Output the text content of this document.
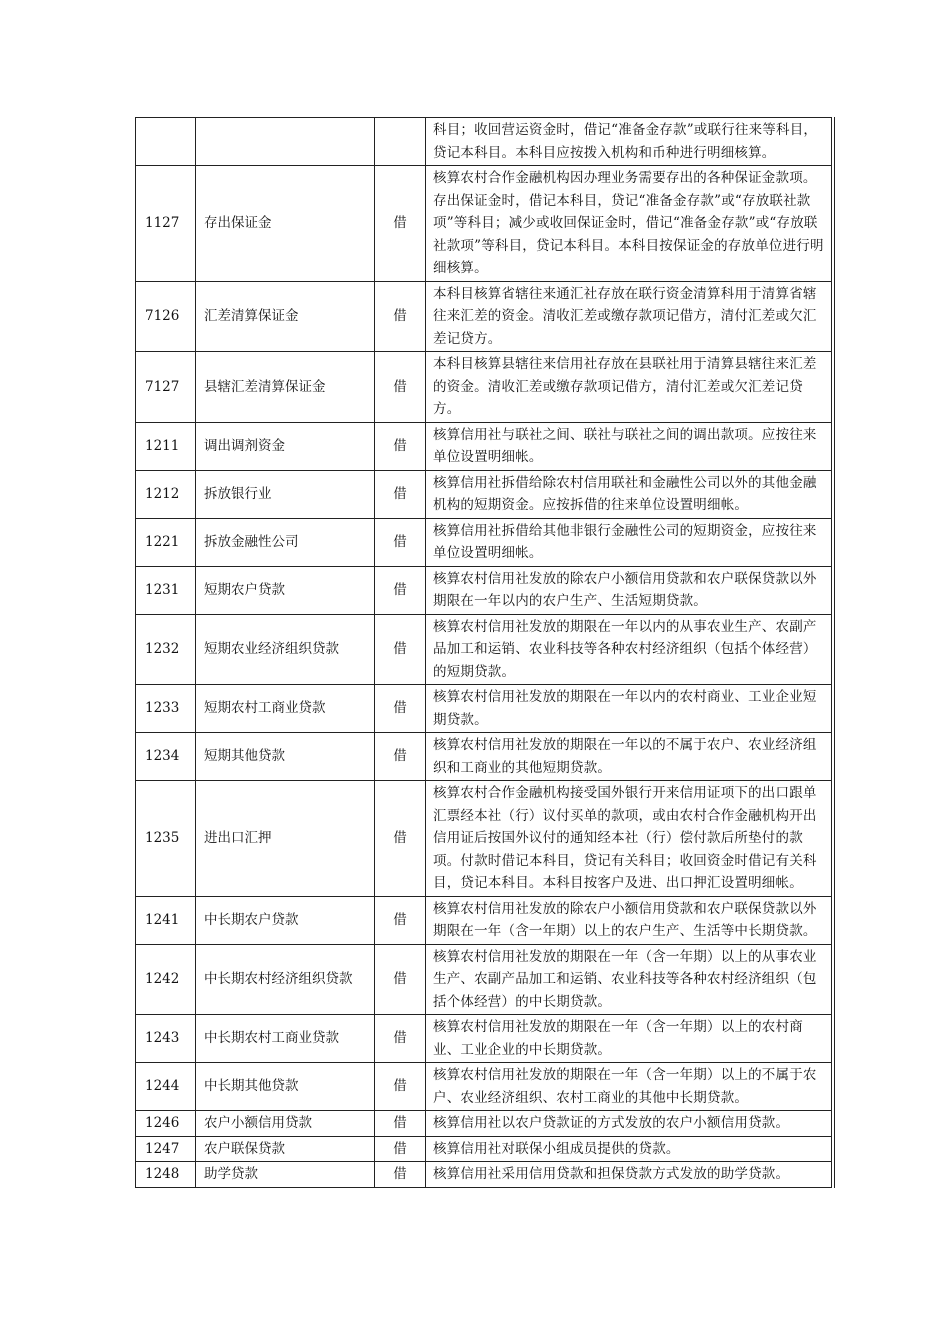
			科目；收回营运资金时，借记“准备金存款”或联行往来等科目，贷记本科目。本科目应按拨入机构和币种进行明细核算。
1127	存出保证金	借	核算农村合作金融机构因办理业务需要存出的各种保证金款项。存出保证金时，借记本科目，贷记“准备金存款”或“存放联社款项”等科目；减少或收回保证金时，借记“准备金存款”或“存放联社款项”等科目，贷记本科目。本科目按保证金的存放单位进行明细核算。
7126	汇差清算保证金	借	本科目核算省辖往来通汇社存放在联行资金清算科用于清算省辖往来汇差的资金。清收汇差或缴存款项记借方，清付汇差或欠汇差记贷方。
7127	县辖汇差清算保证金	借	本科目核算县辖往来信用社存放在县联社用于清算县辖往来汇差的资金。清收汇差或缴存款项记借方，清付汇差或欠汇差记贷方。
1211	调出调剂资金	借	核算信用社与联社之间、联社与联社之间的调出款项。应按往来单位设置明细帐。
1212	拆放银行业	借	核算信用社拆借给除农村信用联社和金融性公司以外的其他金融机构的短期资金。应按拆借的往来单位设置明细帐。
1221	拆放金融性公司	借	核算信用社拆借给其他非银行金融性公司的短期资金，应按往来单位设置明细帐。
1231	短期农户贷款	借	核算农村信用社发放的除农户小额信用贷款和农户联保贷款以外期限在一年以内的农户生产、生活短期贷款。
1232	短期农业经济组织贷款	借	核算农村信用社发放的期限在一年以内的从事农业生产、农副产品加工和运销、农业科技等各种农村经济组织（包括个体经营）的短期贷款。
1233	短期农村工商业贷款	借	核算农村信用社发放的期限在一年以内的农村商业、工业企业短期贷款。
1234	短期其他贷款	借	核算农村信用社发放的期限在一年以的不属于农户、农业经济组织和工商业的其他短期贷款。
1235	进出口汇押	借	核算农村合作金融机构接受国外银行开来信用证项下的出口跟单汇票经本社（行）议付买单的款项，或由农村合作金融机构开出信用证后按国外议付的通知经本社（行）偿付款后所垫付的款项。付款时借记本科目，贷记有关科目；收回资金时借记有关科目，贷记本科目。本科目按客户及进、出口押汇设置明细帐。
1241	中长期农户贷款	借	核算农村信用社发放的除农户小额信用贷款和农户联保贷款以外期限在一年（含一年期）以上的农户生产、生活等中长期贷款。
1242	中长期农村经济组织贷款	借	核算农村信用社发放的期限在一年（含一年期）以上的从事农业生产、农副产品加工和运销、农业科技等各种农村经济组织（包括个体经营）的中长期贷款。
1243	中长期农村工商业贷款	借	核算农村信用社发放的期限在一年（含一年期）以上的农村商业、工业企业的中长期贷款。
1244	中长期其他贷款	借	核算农村信用社发放的期限在一年（含一年期）以上的不属于农户、农业经济组织、农村工商业的其他中长期贷款。
1246	农户小额信用贷款	借	核算信用社以农户贷款证的方式发放的农户小额信用贷款。
1247	农户联保贷款	借	核算信用社对联保小组成员提供的贷款。
1248	助学贷款	借	核算信用社采用信用贷款和担保贷款方式发放的助学贷款。
